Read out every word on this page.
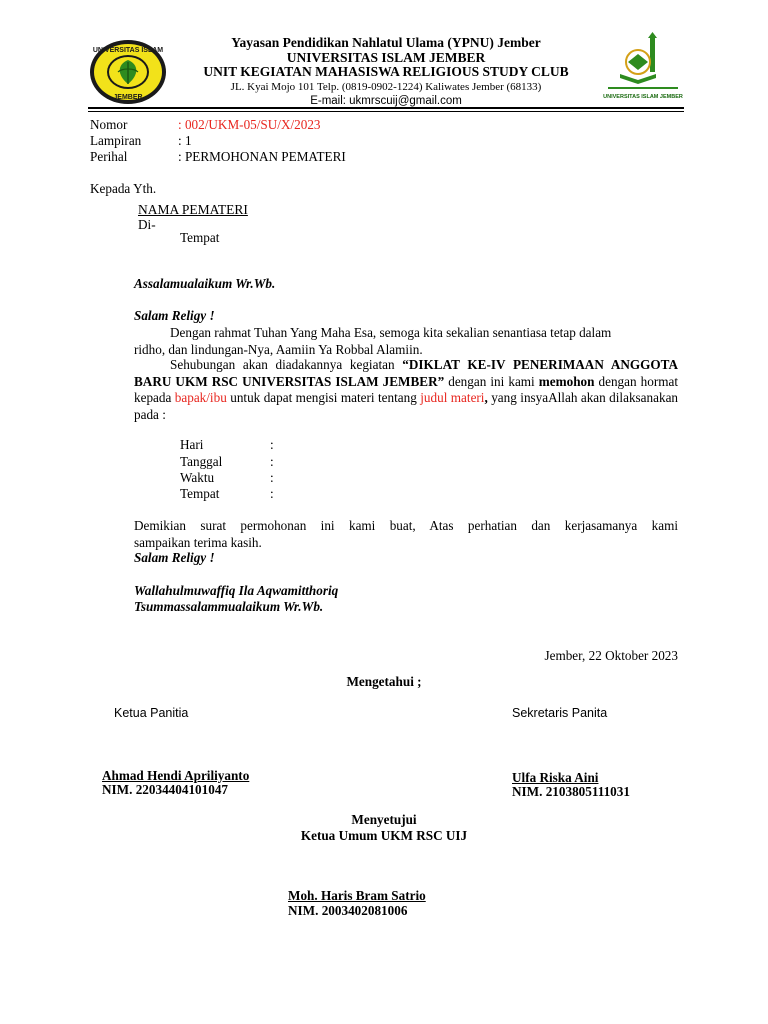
UNIVERSITAS ISLAM
JEMBER
Yayasan Pendidikan Nahlatul Ulama (YPNU) Jember
UNIVERSITAS ISLAM JEMBER
UNIT KEGIATAN MAHASISWA RELIGIOUS STUDY CLUB
JL. Kyai Mojo 101 Telp. (0819-0902-1224) Kaliwates Jember (68133)
E-mail: ukmrscuij@gmail.com	UNIVERSITAS ISLAM JEMBER
Nomor	: 002/UKM-05/SU/X/2023
Lampiran	: 1
Perihal	: PERMOHONAN PEMATERI
Kepada Yth.
NAMA PEMATERI
Di-
Tempat
Assalamualaikum Wr.Wb.
Salam Religy !
Dengan rahmat Tuhan Yang Maha Esa, semoga kita sekalian senantiasa tetap dalam
ridho, dan lindungan-Nya, Aamiin Ya Robbal Alamiin.
Sehubungan akan diadakannya kegiatan “DIKLAT KE-IV PENERIMAAN ANGGOTA BARU UKM RSC UNIVERSITAS ISLAM JEMBER” dengan ini kami memohon dengan hormat kepada bapak/ibu untuk dapat mengisi materi tentang judul materi, yang insyaAllah akan dilaksanakan pada :
Hari	:
Tanggal	:
Waktu	:
Tempat	:
Demikian surat permohonan ini kami buat, Atas perhatian dan kerjasamanya kami
sampaikan terima kasih.
Salam Religy !
Wallahulmuwaffiq Ila Aqwamitthoriq
Tsummassalammualaikum Wr.Wb.
Jember, 22 Oktober 2023
Mengetahui ;
Ketua Panitia	Sekretaris Panita
Ahmad Hendi Apriliyanto
NIM. 22034404101047
Ulfa Riska Aini
NIM. 2103805111031
Menyetujui
Ketua Umum UKM RSC UIJ
Moh. Haris Bram Satrio
NIM. 2003402081006
